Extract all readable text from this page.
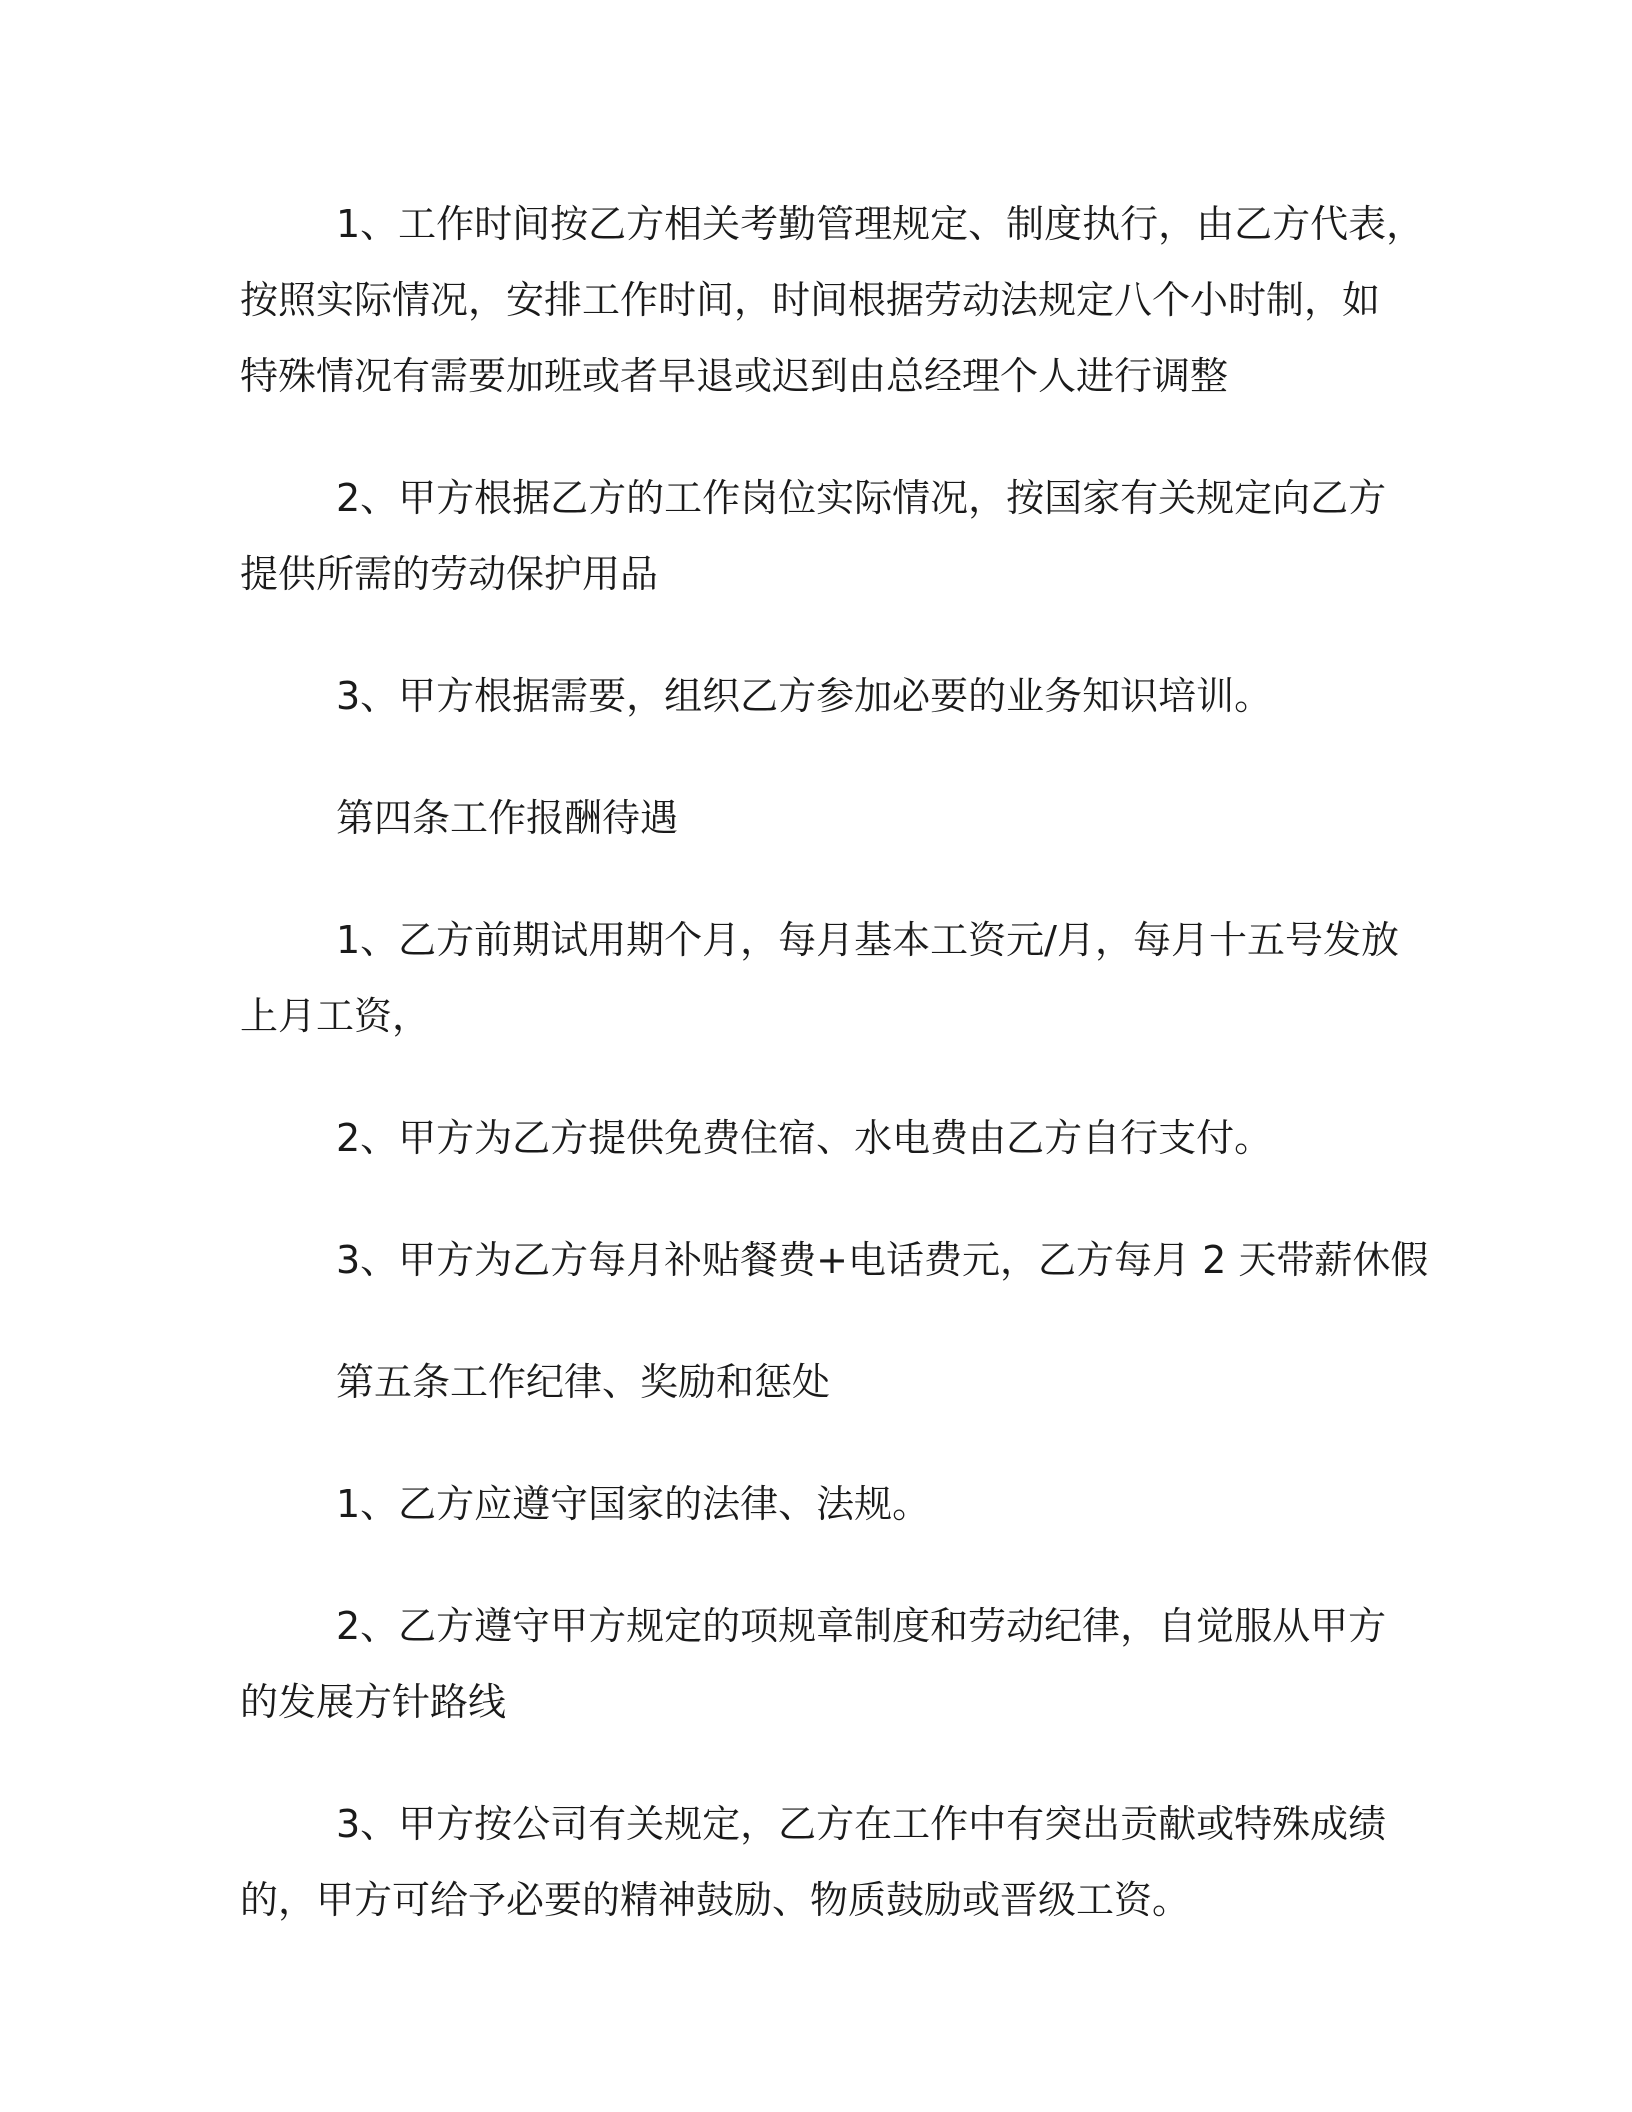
1、工作时间按乙方相关考勤管理规定、制度执行，由乙方代表，
按照实际情况，安排工作时间，时间根据劳动法规定八个小时制，如
特殊情况有需要加班或者早退或迟到由总经理个人进行调整

2、甲方根据乙方的工作岗位实际情况，按国家有关规定向乙方
提供所需的劳动保护用品

3、甲方根据需要，组织乙方参加必要的业务知识培训。

第四条工作报酬待遇

1、乙方前期试用期个月，每月基本工资元/月，每月十五号发放
上月工资，

2、甲方为乙方提供免费住宿、水电费由乙方自行支付。

3、甲方为乙方每月补贴餐费+电话费元，乙方每月 2 天带薪休假

第五条工作纪律、奖励和惩处

1、乙方应遵守国家的法律、法规。

2、乙方遵守甲方规定的项规章制度和劳动纪律，自觉服从甲方
的发展方针路线

3、甲方按公司有关规定，乙方在工作中有突出贡献或特殊成绩
的，甲方可给予必要的精神鼓励、物质鼓励或晋级工资。
